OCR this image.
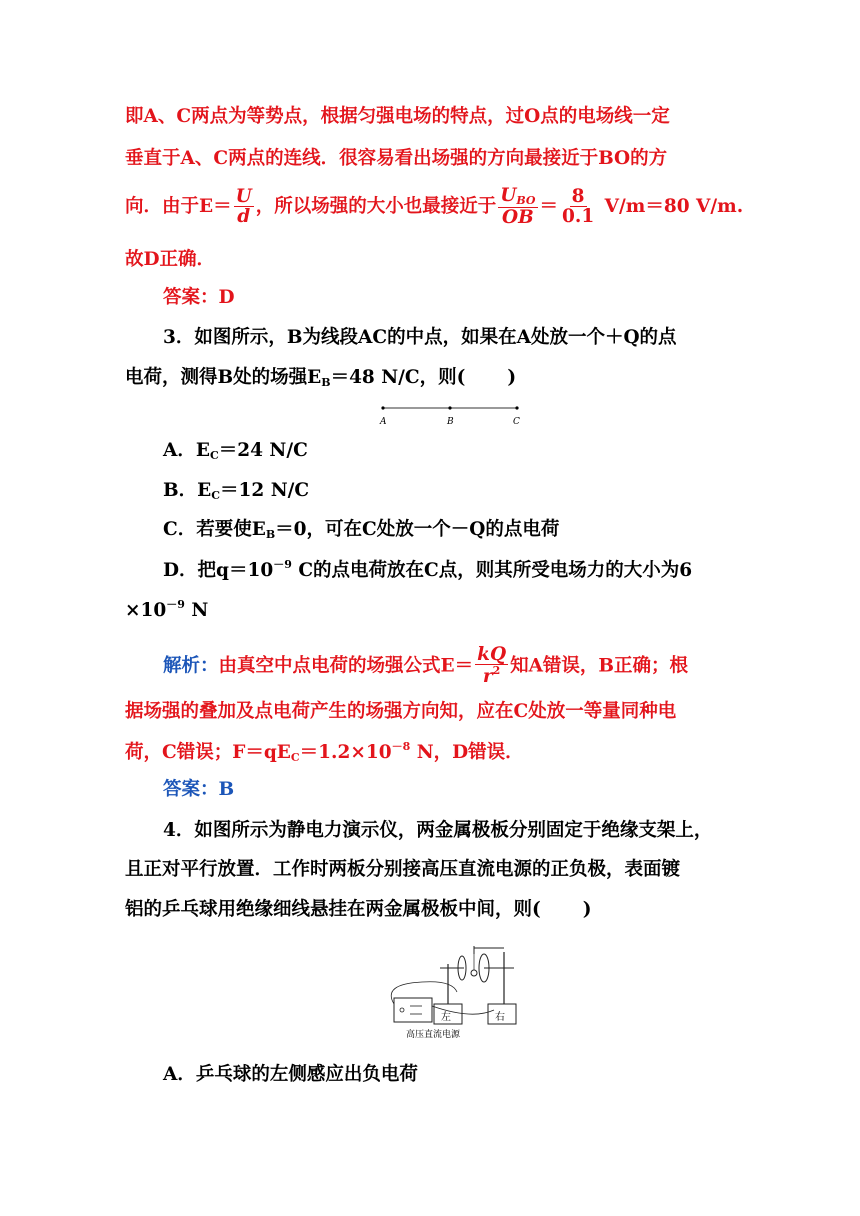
即A、C两点为等势点，根据匀强电场的特点，过O点的电场线一定
垂直于A、C两点的连线．很容易看出场强的方向最接近于BO的方
向．由于$E= \frac{U}{d}$ ，所以场强的大小也最接近于 $\frac{U_{BO}}{OB} = \frac{8}{0.1} V/m=80$ V/m.
故D正确．
答案：D
3．如图所示，B为线段AC的中点，如果在A处放一个＋Q的点
电荷，测得B处的场强$E_B=48$ N/C，则( )
A	B	C
A．$E_C=24$ N/C
B．$E_C=12$ N/C
C．若要使$E_B=0$，可在C处放一个－Q的点电荷
D．把$q=10^{-9}$ C的点电荷放在C点，则其所受电场力的大小为6
$\times 10^{-9}$ N
解析：由真空中点电荷的场强公式$E= \frac{kQ}{r^2}$ 知A错误，B正确；根
据场强的叠加及点电荷产生的场强方向知，应在C处放一等量同种电
荷，C错误；$F=qE_C=1.2\times 10^{-8}$ N，D错误．
答案：B
4．如图所示为静电力演示仪，两金属极板分别固定于绝缘支架上，
且正对平行放置．工作时两板分别接高压直流电源的正负极，表面镀
铝的乒乓球用绝缘细线悬挂在两金属极板中间，则( )
左	右
高压直流电源
A．乒乓球的左侧感应出负电荷
